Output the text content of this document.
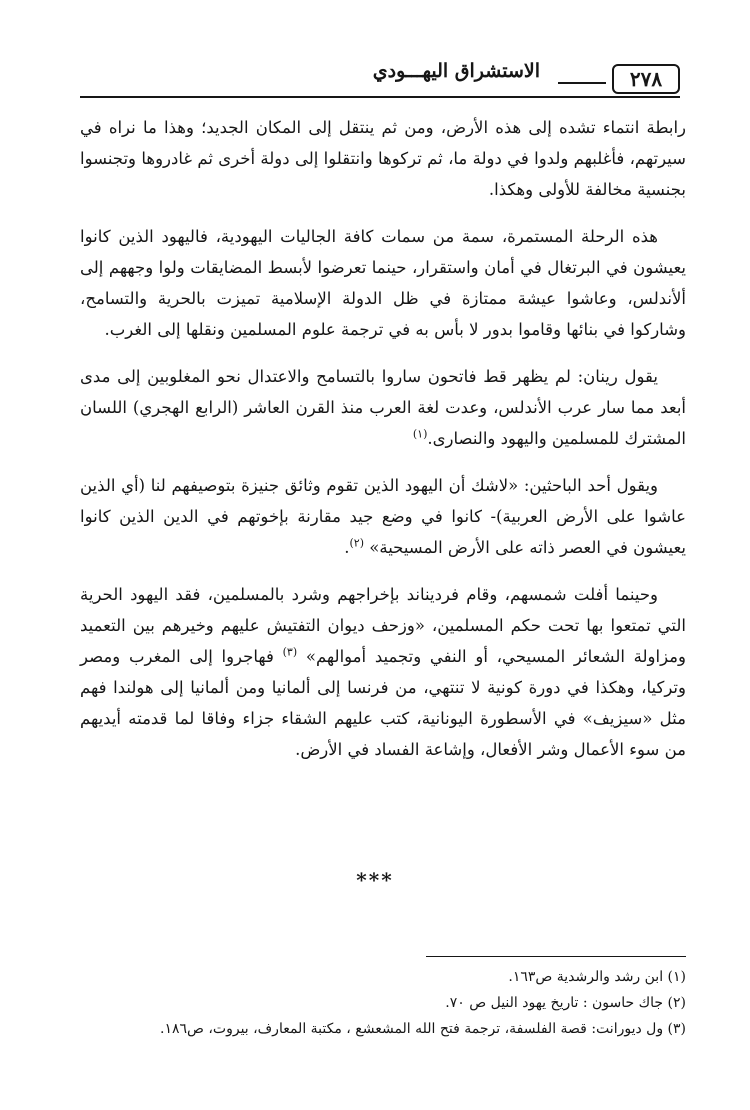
٢٧٨
الاستشراق اليهـــودي

رابطة انتماء تشده إلى هذه الأرض، ومن ثم ينتقل إلى المكان الجديد؛ وهذا ما نراه في سيرتهم، فأغلبهم ولدوا في دولة ما، ثم تركوها وانتقلوا إلى دولة أخرى ثم غادروها وتجنسوا بجنسية مخالفة للأولى وهكذا.

هذه الرحلة المستمرة، سمة من سمات كافة الجاليات اليهودية، فاليهود الذين كانوا يعيشون في البرتغال في أمان واستقرار، حينما تعرضوا لأبسط المضايقات ولوا وجههم إلى ألأندلس، وعاشوا عيشة ممتازة في ظل الدولة الإسلامية تميزت بالحرية والتسامح، وشاركوا في بنائها وقاموا بدور لا بأس به في ترجمة علوم المسلمين ونقلها إلى الغرب.

يقول رينان: لم يظهر قط فاتحون ساروا بالتسامح والاعتدال نحو المغلوبين إلى مدى أبعد مما سار عرب الأندلس، وعدت لغة العرب منذ القرن العاشر (الرابع الهجري) اللسان المشترك للمسلمين واليهود والنصارى.$^{(١)}$

ويقول أحد الباحثين: «لاشك أن اليهود الذين تقوم وثائق جنيزة بتوصيفهم لنا (أي الذين عاشوا على الأرض العربية)- كانوا في وضع جيد مقارنة بإخوتهم في الدين الذين كانوا يعيشون في العصر ذاته على الأرض المسيحية» $^{(٢)}$.

وحينما أفلت شمسهم، وقام فرديناند بإخراجهم وشرد بالمسلمين، فقد اليهود الحرية التي تمتعوا بها تحت حكم المسلمين، «وزحف ديوان التفتيش عليهم وخيرهم بين التعميد ومزاولة الشعائر المسيحي، أو النفي وتجميد أموالهم» $^{(٣)}$ فهاجروا إلى المغرب ومصر وتركيا، وهكذا في دورة كونية لا تنتهي، من فرنسا إلى ألمانيا ومن ألمانيا إلى هولندا فهم مثل «سيزيف» في الأسطورة اليونانية، كتب عليهم الشقاء جزاء وفاقا لما قدمته أيديهم من سوء الأعمال وشر الأفعال، وإشاعة الفساد في الأرض.

***
(١) ابن رشد والرشدية ص١٦٣.
(٢) جاك حاسون : تاريخ يهود النيل ص ٧٠.
(٣) ول ديورانت: قصة الفلسفة، ترجمة فتح الله المشعشع ، مكتبة المعارف، بيروت، ص١٨٦.
